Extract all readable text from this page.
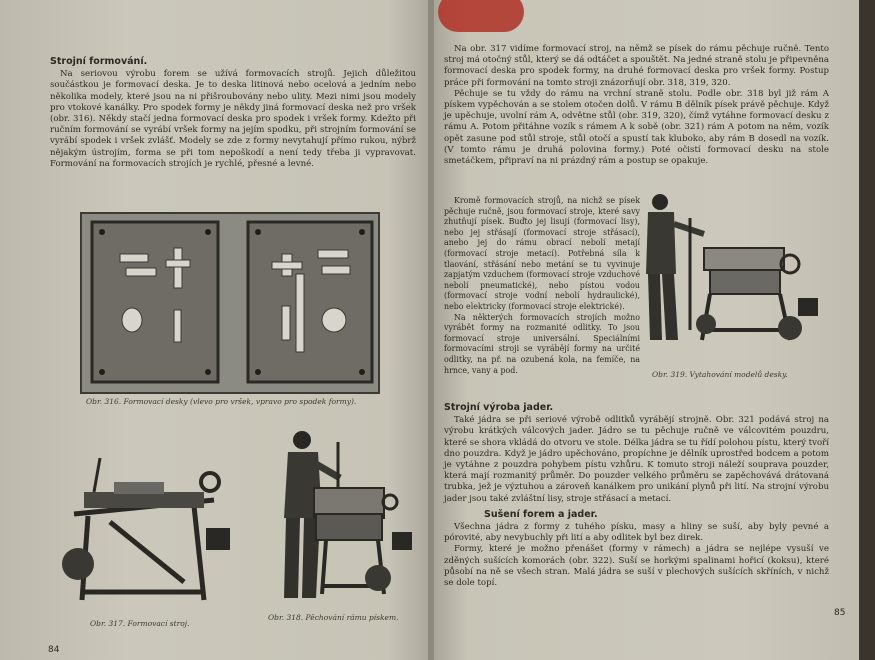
Strojní formování.

Na seriovou výrobu forem se užívá formovacích strojů. Jejich důležitou součástkou je formovací deska. Je to deska litinová nebo ocelová a jedním nebo několika modely, které jsou na ni přišroubovány nebo ulity. Mezi nimi jsou modely pro vtokové kanálky. Pro spodek formy je někdy jiná formovací deska než pro vršek (obr. 316). Někdy stačí jedna formovací deska pro spodek i vršek formy. Kdežto při ručním formování se vyrábí vršek formy na jejím spodku, při strojním formování se vyrábí spodek i vršek zvlášť. Modely se zde z formy nevytahují přímo rukou, nýbrž nějakým ústrojím, forma se při tom nepoškodí a není tedy třeba ji vypravovat. Formování na formovacích strojích je rychlé, přesné a levné.

Obr. 316. Formovací desky (vlevo pro vršek, vpravo pro spodek formy).
Obr. 317. Formovací stroj.
Obr. 318. Pěchování rámu pískem.
84

Na obr. 317 vidíme formovací stroj, na němž se písek do rámu pěchuje ručně. Tento stroj má otočný stůl, který se dá odtáčet a spouštět. Na jedné straně stolu je připevněna formovací deska pro spodek formy, na druhé formovací deska pro vršek formy. Postup práce při formování na tomto stroji znázorňují obr. 318, 319, 320.

Pěchuje se tu vždy do rámu na vrchní straně stolu. Podle obr. 318 byl již rám A pískem vypěchován a se stolem otočen dolů. V rámu B dělník písek právě pěchuje. Když je upěchuje, uvolní rám A, odvětne stůl (obr. 319, 320), čímž vytáhne formovací desku z rámu A. Potom přitáhne vozík s rámem A k sobě (obr. 321) rám A potom na něm, vozík opět zasune pod stůl stroje, stůl otočí a spustí tak kluboko, aby rám B dosedl na vozík. (V tomto rámu je druhá polovina formy.) Poté očistí formovací desku na stole smetáčkem, připraví na ni prázdný rám a postup se opakuje.

Kromě formovacích strojů, na nichž se písek pěchuje ručně, jsou formovací stroje, které savy zhutňují písek. Buďto jej lisují (formovací lisy), nebo jej střásají (formovací stroje střásací), anebo jej do rámu obrací nebolí metají (formovací stroje metací). Potřebná síla k tlaování, střásání nebo metání se tu vyvinuje zapjatým vzduchem (formovací stroje vzduchové nebolí pneumatické), nebo pístou vodou (formovací stroje vodní nebolí hydraulické), nebo elektricky (formovací stroje elektrické).

Na některých formovacích strojích možno vyrábět formy na rozmanité odlitky. To jsou formovací stroje universální. Speciálními formovacími stroji se vyrábějí formy na určité odlitky, na př. na ozubená kola, na femíče, na hrnce, vany a pod.	Obr. 319. Vytahování modelů desky.
Strojní výroba jader.

Také jádra se při seriové výrobě odlitků vyrábějí strojně. Obr. 321 podává stroj na výrobu krátkých válcových jader. Jádro se tu pěchuje ručně ve válcovitém pouzdru, které se shora vkládá do otvoru ve stole. Délka jádra se tu řídí polohou pístu, který tvoří dno pouzdra. Když je jádro upěchováno, propíchne je dělník uprostřed bodcem a potom je vytáhne z pouzdra pohybem pístu vzhůru. K tomuto stroji náleží souprava pouzder, která mají rozmanitý průměr. Do pouzder velkého průměru se zapěchovává drátovaná trubka, jež je výztuhou a zároveň kanálkem pro unikání plynů při lití. Na strojní výrobu jader jsou také zvláštní lisy, stroje střásací a metací.

Sušení forem a jader.

Všechna jádra z formy z tuhého písku, masy a hliny se suší, aby byly pevné a pórovité, aby nevybuchly při lití a aby odlitek byl bez direk.

Formy, které je možno přenášet (formy v rámech) a jádra se nejlépe vysuší ve zděných sušících komorách (obr. 322). Suší se horkými spalinami hořicí (koksu), které působí na ně se všech stran. Malá jádra se suší v plechových sušících skříních, v nichž se dole topí.

85
